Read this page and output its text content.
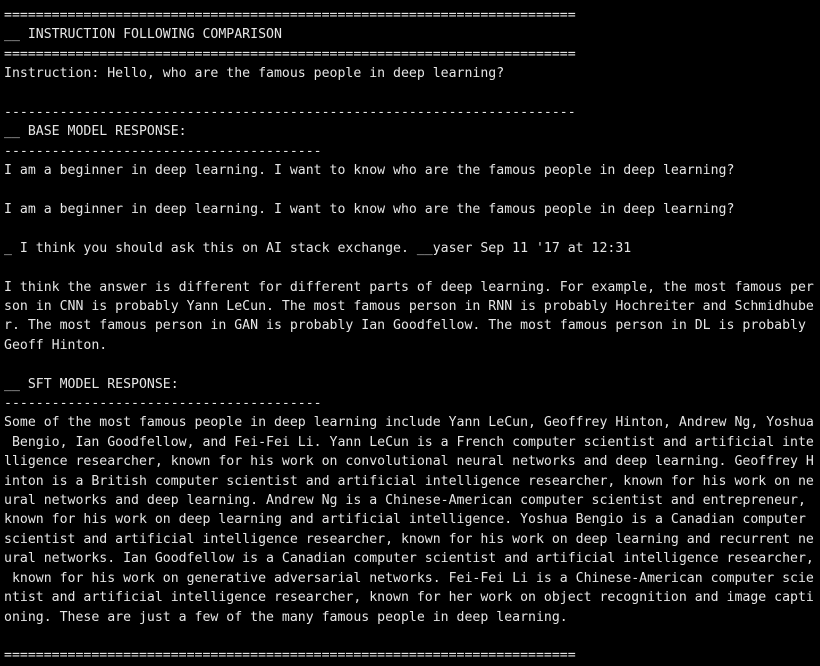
========================================================================
__ INSTRUCTION FOLLOWING COMPARISON
========================================================================
Instruction: Hello, who are the famous people in deep learning?
------------------------------------------------------------------------
__ BASE MODEL RESPONSE:
----------------------------------------
I am a beginner in deep learning. I want to know who are the famous people in deep learning?
I am a beginner in deep learning. I want to know who are the famous people in deep learning?
_ I think you should ask this on AI stack exchange. __yaser Sep 11 '17 at 12:31
I think the answer is different for different parts of deep learning. For example, the most famous per
son in CNN is probably Yann LeCun. The most famous person in RNN is probably Hochreiter and Schmidhube
r. The most famous person in GAN is probably Ian Goodfellow. The most famous person in DL is probably
Geoff Hinton.
__ SFT MODEL RESPONSE:
----------------------------------------
Some of the most famous people in deep learning include Yann LeCun, Geoffrey Hinton, Andrew Ng, Yoshua
Bengio, Ian Goodfellow, and Fei-Fei Li. Yann LeCun is a French computer scientist and artificial inte
lligence researcher, known for his work on convolutional neural networks and deep learning. Geoffrey H
inton is a British computer scientist and artificial intelligence researcher, known for his work on ne
ural networks and deep learning. Andrew Ng is a Chinese-American computer scientist and entrepreneur,
known for his work on deep learning and artificial intelligence. Yoshua Bengio is a Canadian computer
scientist and artificial intelligence researcher, known for his work on deep learning and recurrent ne
ural networks. Ian Goodfellow is a Canadian computer scientist and artificial intelligence researcher,
known for his work on generative adversarial networks. Fei-Fei Li is a Chinese-American computer scie
ntist and artificial intelligence researcher, known for her work on object recognition and image capti
oning. These are just a few of the many famous people in deep learning.
========================================================================
